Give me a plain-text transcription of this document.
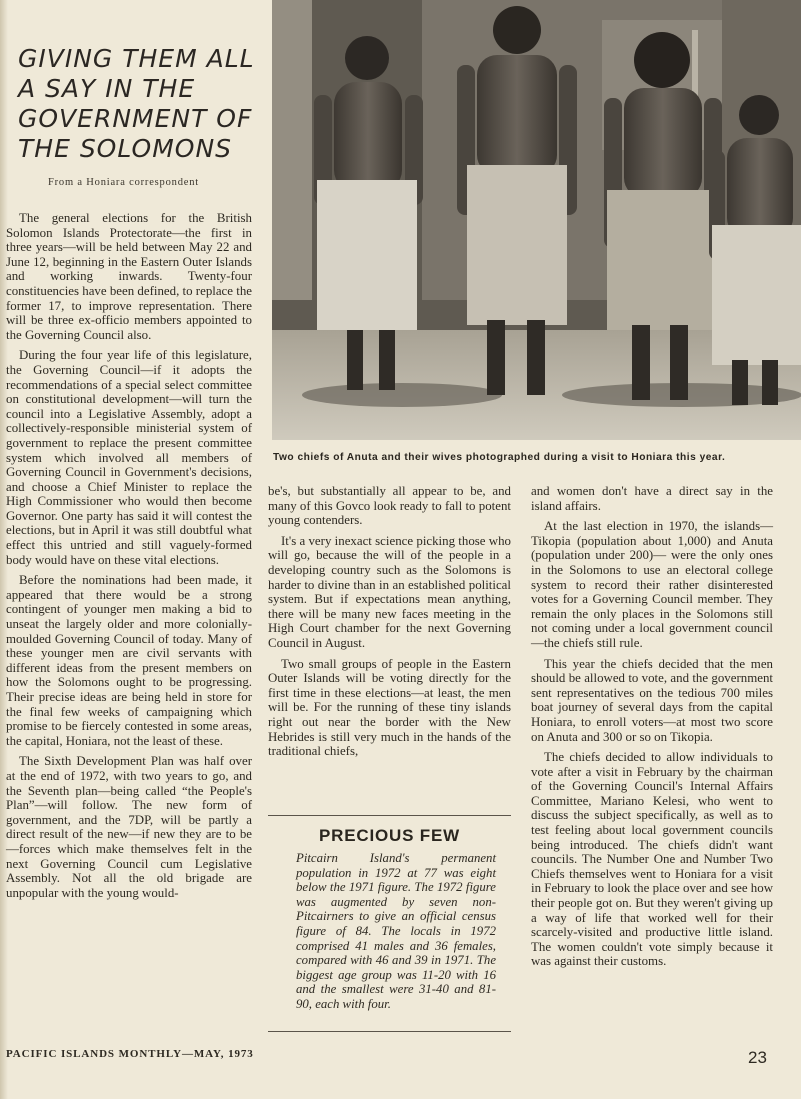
GIVING THEM ALL A SAY IN THE GOVERNMENT OF THE SOLOMONS

From a Honiara correspondent

Two chiefs of Anuta and their wives photographed during a visit to Honiara this year.

The general elections for the British Solomon Islands Protectorate—the first in three years—will be held between May 22 and June 12, beginning in the Eastern Outer Islands and working inwards. Twenty-four constituencies have been defined, to replace the former 17, to improve representation. There will be three ex-officio members appointed to the Governing Council also.

During the four year life of this legislature, the Governing Council—if it adopts the recommendations of a special select committee on constitutional development—will turn the council into a Legislative Assembly, adopt a collectively-responsible ministerial system of government to replace the present committee system which involved all members of Governing Council in Government's decisions, and choose a Chief Minister to replace the High Commissioner who would then become Governor. One party has said it will contest the elections, but in April it was still doubtful what effect this untried and still vaguely-formed body would have on these vital elections.

Before the nominations had been made, it appeared that there would be a strong contingent of younger men making a bid to unseat the largely older and more colonially-moulded Governing Council of today. Many of these younger men are civil servants with different ideas from the present members on how the Solomons ought to be progressing. Their precise ideas are being held in store for the final few weeks of campaigning which promise to be fiercely contested in some areas, the capital, Honiara, not the least of these.

The Sixth Development Plan was half over at the end of 1972, with two years to go, and the Seventh plan—being called “the People's Plan”—will follow. The new form of government, and the 7DP, will be partly a direct result of the new—if new they are to be—forces which make themselves felt in the next Governing Council cum Legislative Assembly. Not all the old brigade are unpopular with the young would-

be's, but substantially all appear to be, and many of this Govco look ready to fall to potent young contenders.

It's a very inexact science picking those who will go, because the will of the people in a developing country such as the Solomons is harder to divine than in an established political system. But if expectations mean anything, there will be many new faces meeting in the High Court chamber for the next Governing Council in August.

Two small groups of people in the Eastern Outer Islands will be voting directly for the first time in these elections—at least, the men will be. For the running of these tiny islands right out near the border with the New Hebrides is still very much in the hands of the traditional chiefs,

PRECIOUS FEW

Pitcairn Island's permanent population in 1972 at 77 was eight below the 1971 figure. The 1972 figure was augmented by seven non-Pitcairners to give an official census figure of 84. The locals in 1972 comprised 41 males and 36 females, compared with 46 and 39 in 1971. The biggest age group was 11-20 with 16 and the smallest were 31-40 and 81-90, each with four.

and women don't have a direct say in the island affairs.

At the last election in 1970, the islands—Tikopia (population about 1,000) and Anuta (population under 200)— were the only ones in the Solomons to use an electoral college system to record their rather disinterested votes for a Governing Council member. They remain the only places in the Solomons still not coming under a local government council—the chiefs still rule.

This year the chiefs decided that the men should be allowed to vote, and the government sent representatives on the tedious 700 miles boat journey of several days from the capital Honiara, to enroll voters—at most two score on Anuta and 300 or so on Tikopia.

The chiefs decided to allow individuals to vote after a visit in February by the chairman of the Governing Council's Internal Affairs Committee, Mariano Kelesi, who went to discuss the subject specifically, as well as to test feeling about local government councils being introduced. The chiefs didn't want councils. The Number One and Number Two Chiefs themselves went to Honiara for a visit in February to look the place over and see how their people got on. But they weren't giving up a way of life that worked well for their scarcely-visited and productive little island. The women couldn't vote simply because it was against their customs.

PACIFIC ISLANDS MONTHLY—MAY, 1973	23
